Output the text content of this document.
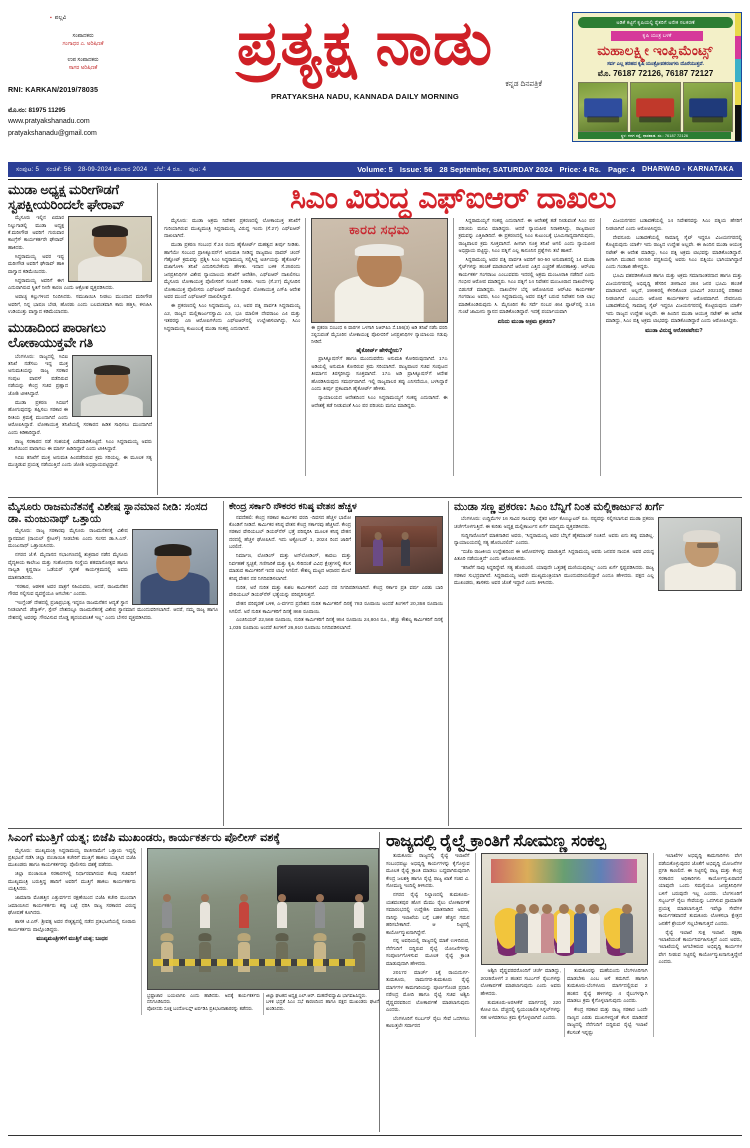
▪ ಪಲ್ಲವಿ
ಸಂಪಾದಕರು
ಗಂಗಾಧರ ಎ. ಅರಿಷಿಣಕೆ
ಉಪ ಸಂಪಾದಕರು
ಸಾಗರ ಅರಿಷಿಣಕೆ
RNI: KARKAN/2019/78035
ಮೊ.ನಂ: 81975 11295
www.pratyakshanadu.com
pratyakshanadu@gmail.com
ಪ್ರತ್ಯಕ್ಷ ನಾಡು
ಕನ್ನಡ ದಿನಪತ್ರಿಕೆ
PRATYAKSHA NADU, KANNADA DAILY MORNING
ಅಡಿಕೆ ಕಟ್ಟಿಗೆ ಕೃಷಿಯಲ್ಲಿ ರೈತರಿಗೆ ಅನೇಕ ಸಲಕರಣೆ
ಕೃಷಿ ಯಂತ್ರ ಬಳಕೆ
ಮಹಾಲಕ್ಷ್ಮೀ ಇಂಪ್ಲಿಮೆಂಟ್ಸ್
ಸರ್ವ ಎಲ್ಲ ತರಹದ ಕೃಷಿ ಯಂತ್ರೋಪಕರಣಗಳು ದೊರೆಯುತ್ತವೆ.
ಮೊ. 76187 72126, 76187 72127
ಸ್ಥಳ: ಗದಗ ರಸ್ತೆ, ಧಾರವಾಡ. ಸಂ.: 76187 72126
ಸಂಪುಟ: 5 ಸಂಚಿಕೆ: 56 28-09-2024 ಶನಿವಾರ 2024 ಬೆಲೆ: 4 ರೂ. ಪುಟ: 4	Volume: 5 Issue: 56 28 September, SATURDAY 2024 Price: 4 Rs. Page: 4 DHARWAD - KARNATAKA
ಮುಡಾ ಅಧ್ಯಕ್ಷ ಮರೀಗೌಡಗೆ ಸ್ವಪಕ್ಷೀಯರಿಂದಲೇ ಘೇರಾವ್

ಮೈಸೂರು ಇಲ್ಲಿನ ಏಮಾರ ನಿಲ್ಲುಗಾಡಲ್ಲಿ ಮುಡಾ ಅಧ್ಯಕ್ಷ ಕೆ.ಮರೀಗೌಡ ಅವರಿಗೆ ಗುರುವಾರ ಕಾಂಗ್ರೆಸ್ ಕಾರ್ಯಕರ್ತರೇ ಘೇರಾವ್ ಹಾಕಿದರು.

ಸಿದ್ದರಾಮಯ್ಯ ಅವರ ಇಷ್ಟ ಮರೀಗೌಡ ಅವರಿಗೆ ಘೇರಾವ್ ಹಾಕಿ ವಾಗ್ವಾದ ಕಡಿಮೆಯಿದರು.

ಸಿದ್ದರಾಮಯ್ಯ ಅವರಿಗೆ ಈಗ ಎದುರಾಗಿರುವ ಸ್ಥಿತಿಗೆ ನೀನೇ ಕಾರಣ ಎಂದು ಆಕ್ರೋಶ ವ್ಯಕ್ತಪಡಿಸಿದರು.

ಅವಾಚ್ಯ ಕಲ್ಲುಗಳಿಂದ ನಿಂದಿಸಿದರು. ಸಮಜಾಯಿಸಿ ನೀಡಲು ಮುಂದಾದ ಮರೀಗೌಡ ಅವರಿಗೆ, ನಿನ್ನ ಭಾಷಣ ಬೇಡ, ಹೊರಡು ಎಂದು ಬಲವಂತವಾಗಿ ಕಾರು ಹತ್ತಿಸಿ, ಕಳುಹಿಸಿ ಉಡಿಯುತ್ತು ವಾಗ್ವಾದ ಕಡಿಮೆಯಾದರು.

ಮುಡಾದಿಂದ ಪಾರಾಗಲು ಲೋಕಾಯುಕ್ತವೇ ಗತಿ

ಬೆಂಗಳೂರು: ರಾಜ್ಯದಲ್ಲಿ ಸಿಬಿಐ ತನಿಖೆ ನಡೆಸಲು ಇದ್ದ ಮುಕ್ತ ಅನುಮತಿಯನ್ನು ರಾಜ್ಯ ಸರಕಾರ ಸಂಪುಟ ವಾಪಸ್ ಪಡೆದಿರುವ ನಡೆಯನ್ನು ಕೇಂದ್ರ ಸಚಿವ ಪ್ರಹ್ಲಾದ ಜೋಶಿ ಟೀಕಿಸಿದ್ದಾರೆ.

ಮುಡಾ ಪ್ರಕರಣ ಸಿಬಿಐಗೆ ಹೋಗುವುದನ್ನು ತಪ್ಪಿಸಲು ಸರಕಾರ ಈ ರೀತಿಯ ಕ್ರಮಕ್ಕೆ ಮುಂದಾಗಿದೆ ಎಂದು ಆರೋಪಿಸಿದ್ದಾರೆ. ಲೋಕಾಯುಕ್ತ ತನಿಖೆಯಲ್ಲಿ ಸರಕಾರದ ಹಿಡಿತ ಸಾಧಿಸಲು ಮುಂದಾಗಿದೆ ಎಂದು ಕಿಡಿಕಾರಿದ್ದಾರೆ.

ರಾಜ್ಯ ಸರಕಾರದ ನಡೆ ಸಂಶಯಕ್ಕೆ ಎಡೆಮಾಡಿಕೊಟ್ಟಿದೆ. ಸಿಎಂ ಸಿದ್ದರಾಮಯ್ಯ ಅವರು ತನಿಖೆಯಿಂದ ಪಾರಾಗಲು ಈ ಮಾರ್ಗ ಹಿಡಿದಿದ್ದಾರೆ ಎಂದು ಟೀಕಿಸಿದ್ದಾರೆ.

ಸಿಬಿಐ ತನಿಖೆಗೆ ಮುಕ್ತ ಅನುಮತಿ ಹಿಂಪಡೆದಿರುವ ಕ್ರಮ ಸರಿಯಲ್ಲ. ಈ ಮೂಲಕ ಸತ್ಯ ಮುಚ್ಚಿಡುವ ಪ್ರಯತ್ನ ನಡೆಯುತ್ತಿದೆ ಎಂದು ಜೋಶಿ ಅಭಿಪ್ರಾಯಪಟ್ಟಿದ್ದಾರೆ.

ಸಿಎಂ ವಿರುದ್ಧ ಎಫ್‌ಐಆರ್ ದಾಖಲು

ಮೈಸೂರು: ಮುಡಾ ಅಕ್ರಮ ನಿವೇಶನ ಪ್ರಕರಣದಲ್ಲಿ ಲೋಕಾಯುಕ್ತ ತನಿಖೆಗೆ ಗುರಿಯಾಗಿರುವ ಮುಖ್ಯಮಂತ್ರಿ ಸಿದ್ದರಾಮಯ್ಯ ವಿರುದ್ಧ ಇಂದು (ಸೆ.27) ಎಫ್‌ಐಆರ್ ದಾಖಲಾಗಿದೆ.

ಮುಡಾ ಪ್ರಕರಣ ಸಂಬಂಧ ಸೆ.24 ರಂದು ಹೈಕೋರ್ಟ್ ಮಹತ್ವದ ತೀರ್ಪು ನೀಡಿತು. ಹಾಗೆಯೇ ಸಂಬಂಧ ಪ್ರಾಸಿಕ್ಯೂಷನ್‌ಗೆ ಅನುಮತಿ ನೀಡಿದ್ದ ರಾಜ್ಯಪಾಲ ಥಾವರ್ ಚಂದ್ ಗೆಹ್ಲೋಟ್ ಕ್ರಮವನ್ನು ಪ್ರಶ್ನಿಸಿ ಸಿಎಂ ಸಿದ್ದರಾಮಯ್ಯ ಸಲ್ಲಿಸಿದ್ದ ಅರ್ಜಿಯನ್ನು ಹೈಕೋರ್ಟ್ ವಜಾಗೊಳಿಸಿ ತನಿಖೆ ಎದುರಿಸಬೇಕೆಂದು ಹೇಳಿತು. ಇದಾದ ಬಳಿಕ ಸೆ.25ರಂದು ಜನಪ್ರತಿನಿಧಿಗಳ ವಿಶೇಷ ನ್ಯಾಯಾಲಯ ತನಿಖೆಗೆ ಆದೇಶಿಸಿ, ಎಫ್‌ಐಆರ್ ದಾಖಲಿಸಲು ಮೈಸೂರು ಲೋಕಾಯುಕ್ತ ಪೊಲೀಸರಿಗೆ ಸೂಚನೆ ನೀಡಿತು. ಇಂದು (ಸೆ.27) ಮೈಸೂರಿನ ಲೋಕಾಯುಕ್ತ ಪೊಲೀಸರು ಎಫ್‌ಐಆರ್ ದಾಖಲಿಸಿದ್ದಾರೆ. ಲೋಕಾಯುಕ್ತ ಎಸ್‌ಪಿ ಆದೇಶ ಅವರ ಮುಂದೆ ಎಫ್‌ಐಆರ್ ದಾಖಲಿಸಿದ್ದಾರೆ.

ಈ ಪ್ರಕರಣದಲ್ಲಿ ಸಿಎಂ ಸಿದ್ದರಾಮಯ್ಯ, ಎ1, ಅವರ ಪತ್ನಿ ಪಾರ್ವತಿ ಸಿದ್ದರಾಮಯ್ಯ ಎ2, ರಾಜ್ಯದ ಮಲ್ಲಿಕಾರ್ಜುನಸ್ವಾಮಿ ಎ3, ಭೂ ಮಾಲೀಕ ದೇವರಾಜು ಎ4 ಮತ್ತು ಇತರರನ್ನು ಎ5 ಆರೋಪಿಗಳೆಂದು ಎಫ್‌ಐಆರ್‌ನಲ್ಲಿ ಉಲ್ಲೇಖಿಸಲಾಗಿದ್ದು, ಸಿಎಂ ಸಿದ್ದರಾಮಯ್ಯ ಕುಟುಂಬಕ್ಕೆ ಮುಡಾ ಸಂಕಷ್ಟ ಎದುರಾಗಿದೆ.

ಕಾರದ ಸಧಮ
ಈ ಪ್ರಕರಣ ಸಂಬಂಧ 6 ವಾರಗಳ ಒಳಗಾಗಿ ಸಿಆರ್‌ಪಿಸಿ ಸೆ.156(3) ಅಡಿ ತನಿಖೆ ನಡೆಸಿ ವರದಿ ಸಲ್ಲಿಸುವಂತೆ ಮೈಸೂರಿನ ಲೋಕಾಯುಕ್ತ ಪೊಲೀಸರಿಗೆ ಜನಪ್ರತಿನಿಧಿಗಳ ನ್ಯಾಯಾಲಯ ಗಡುವು ನೀಡಿದೆ.
ಹೈಕೋರ್ಟ್ ಹೇಳಿದ್ದೇನು?

ಪ್ರಾಸಿಕ್ಯೂಷನ್‌ಗೆ ಹಾಗೂ ಮುಂದುವರೆದು ಅನುಮತಿ ಕೋರಿರುವುದಾಗಿದೆ. 17ಎ ಅಡಿಯಲ್ಲಿ ಅನುಮತಿ ಕೋರಿರುವ ಕ್ರಮ ಸರಿಯಾಗಿದೆ. ರಾಜ್ಯಪಾಲರ ಸಚಿವ ಸಂಪುಟದ ತೀರ್ಮಾನ ತಿರಸ್ಕರಿಸಿದ್ದು ಸೂಕ್ತವಾಗಿದೆ. 17ಎ ಅಡಿ ಪ್ರಾಸಿಕ್ಯೂಷನ್‌ಗೆ ಆದೇಶ ಹೊರಡಿಸಿರುವುದು ಸಮರ್ಥವಾಗಿದೆ. ಇಲ್ಲಿ ರಾಜ್ಯಪಾಲರ ತಪ್ಪು ಎನಿಸದೆಯೂ, ಬಳಸಿದ್ದಾರೆ ಎಂದು ತೀರ್ಪು ಪ್ರಕಟವಾಗಿ ಹೈಕೋರ್ಟ್ ಹೇಳಿತು.

ನ್ಯಾಯಾಲಯದ ಆದೇಶದಿಂದ ಸಿಎಂ ಸಿದ್ದರಾಮಯ್ಯಗೆ ಸಂಕಷ್ಟ ಎದುರಾಗಿದೆ. ಈ ಆದೇಶಕ್ಕೆ ತಡೆ ನೀಡುವಂತೆ ಸಿಎಂ ಪರ ಪರಿಚಯ ಮನವಿ ಮಾಡಿದ್ದರು.

ಸಿದ್ದರಾಮಯ್ಯಗೆ ಸಂಕಷ್ಟ ಎದುರಾಗಿದೆ. ಈ ಆದೇಶಕ್ಕೆ ತಡೆ ನೀಡುವಂತೆ ಸಿಎಂ ಪರ ಪರಿಚಯ ಮನವಿ ಮಾಡಿದ್ದರು. ಆದರೆ ನ್ಯಾಯಪೀಠ ನಿರಾಕರಿಸಿದ್ದು, ರಾಜ್ಯಪಾಲರ ಕ್ರಮವನ್ನು ಎತ್ತಿಹಿಡಿದಿದೆ. ಈ ಪ್ರಕರಣದಲ್ಲಿ ಸಿಎಂ ಕುಟುಂಬಕ್ಕೆ ಭೂಮಿಸಾಧ್ಯವಾಗಿರುವುದು, ರಾಜ್ಯಪಾಲರ ಕ್ರಮ ಸೂಕ್ತವಾಗಿದೆ. ಹೀಗಾಗಿ ಸೂಕ್ತ ತನಿಖೆ ಆಗಲಿ ಎಂದು ನ್ಯಾಯಪೀಠ ಅಭಿಪ್ರಾಯ ಪಟ್ಟಿದ್ದು, ಸಿಎಂ ಪತ್ನಿಗೆ ಎಲ್ಲ ಕಾನೂನಿನ ಪ್ರಶ್ನೆಗಳು ತಲೆ ಹಾಕಿದೆ.

ಸಿದ್ದರಾಮಯ್ಯ ಅವರ ಪತ್ನಿ ಪಾರ್ವತಿ ಅವರಿಗೆ 50-50 ಅನುಪಾತದಲ್ಲಿ 14 ಮುಡಾ ಸೈಟ್‌ಗಳನ್ನು ಹಂಚಿಕೆ ಮಾಡಲಾಗಿದೆ ಆರೋಪ ಎತ್ತಿದ ಎಚ್ಚರಿಕೆ ಹೊರಹಾಕಿತ್ತು. ಆರ್‌ಟಿಐ ಕಾರ್ಯಕರ್ತ ಗಂಗರಾಜು ಎಂಬುವವರು ಇದರಲ್ಲಿ ಅಕ್ರಮ ಮಂಜೂರಾತಿ ನಡೆದಿದೆ ಎಂದು ಗಂಭೀರ ಆರೋಪ ಮಾಡಿದ್ದರು. ಸಿಎಂ ಪತ್ನಿಗೆ 14 ನಿವೇಶನ ಮಂಜೂರಾದ ದಾಖಲೆಗಳನ್ನು ಬಿಡುಗಡೆ ಮಾಡಿದ್ದರು. ದಾಖಲೆಗಳ ಬೆನ್ನ ಆರೋಪಿಸುವ ಆರ್‌ಟಿಐ ಕಾರ್ಯಕರ್ತ ಗಂಗರಾಜು ಅವರು, ಸಿಎಂ ಸಿದ್ದರಾಮಯ್ಯ ಅವರ ಪತ್ನಿಗೆ ಬರುವ ನಿವೇಶನ ನೀಡಿ ಲಾಭ ಮಾಡಿಕೊಂಡಿರುವುದು ಸಿ. ಮೈಸೂರಿನ ಕೆಲ ಸರ್ವೆ ನಂಬರ 464 ಪ್ಲಾಟ್‌ನಲ್ಲಿ 3.16 ಗುಂಟೆ ಜಾಮೀನು ಸ್ಥಾನದ ಮಾಡಿಕೊಂಡಿದ್ದಾರೆ. ಇದಕ್ಕೆ ಪರ್ಯಾಯವಾಗಿ

ಏನಿದು ಮುಡಾ ಅಕ್ರಮ ಪ್ರಕರಣ?

ವಿಜಯನಗರದ ಬಡಾವಣೆಯಲ್ಲಿ 14 ನಿವೇಶನವನ್ನು ಸಿಎಂ ಪತ್ನಿಯ ಹೆಸರಿಗೆ ನೀಡಲಾಗಿದೆ ಎಂದು ಆರೋಪಿಸಿದ್ದರು.

ದೇವನೂರು ಬಡಾವಣೆಯಲ್ಲಿ ಸಾಮಾನ್ಯ ಸೈಟ್ ಇದ್ದರೂ ವಿಜಯನಗರದಲ್ಲಿ ಕೊಟ್ಟಿರುವುದು ಯಾಕೆ? ಇದು ರಾಜ್ಯದ ಉದ್ದೇಶ ಅಲ್ಲವೇ. ಈ ಹಿಂದಿನ ಮುಡಾ ಆಯುಕ್ತ ನಟೇಶ್ ಈ ಆದೇಶ ಮಾಡಿದ್ದು, ಸಿಎಂ ಪತ್ನಿ ಅಕ್ರಮ ಲಾಭವನ್ನು ಮಾಡಿಕೊಂಡಿದ್ದಾರೆ. ಹೀಗಾಗಿ ಮುಡಾದ 50:50 ಪದ್ಧತಿಯಲ್ಲಿ ಅವರು ಸಿಎಂ ಪತ್ನಿಯು ಭಾಗಿಯಾಗಿದ್ದಾರೆ ಎಂದು ಗಂಡಾಖಿ ಹೇಳಿದ್ದರು.

ಭೂಮಿ ವಶಪಡಿಸಿಕೊಂಡ ಹಾಗೂ ಮತ್ತು ಅಕ್ರಮ ಸಮಾನಾಂತರದಾದ ಹಾಗೂ ಮತ್ತು ವಿಜಯನಗರದಲ್ಲಿ ಅಭಿವೃದ್ಧಿ ಹೆಸರಿನ 38ಸಾವಿರ 284 ಜನರ ಭೂಮಿ ಹಂಚಿಕೆ ಮಾಡಲಾಗಿದೆ. ಅಲ್ಲದೆ, 1998ರಲ್ಲಿ ಕೆಳದಿಕೊಂಡ ಭೂಮಿಗೆ 2021ರಲ್ಲಿ ಪರಿಹಾರ ನೀಡಲಾಗಿದೆ ಎಂಬುದು ಆರೋಪ ಕಾರ್ಯಕರ್ತರ ಆರೋಪವಾಗಿದೆ. ದೇವನೂರು ಬಡಾವಣೆಯಲ್ಲಿ ಸಾಮಾನ್ಯ ಸೈಟ್ ಇದ್ದರೂ ವಿಜಯನಗರದಲ್ಲಿ ಕೊಟ್ಟಿರುವುದು ಯಾಕೆ? ಇದು ರಾಜ್ಯದ ಉದ್ದೇಶ ಅಲ್ಲವೇ. ಈ ಹಿಂದಿನ ಮುಡಾ ಆಯುಕ್ತ ನಟೇಶ್ ಈ ಆದೇಶ ಮಾಡಿದ್ದು, ಸಿಎಂ ಪತ್ನಿ ಅಕ್ರಮ ಲಾಭವನ್ನು ಮಾಡಿಕೊಂಡಿದ್ದಾರೆ ಎಂದು ಆರೋಪಿಸಿದ್ದರು.

ಮುಡಾ ವಿರುದ್ಧ ಆರೋಪವೇನು?
ಮೈಸೂರು ರಾಜಮನೆತನಕ್ಕೆ ವಿಶೇಷ ಸ್ಥಾನಮಾನ ನೀಡಿ: ಸಂಸದ ಡಾ. ಮಂಜುನಾಥ್ ಒತ್ತಾಯ

ಮೈಸೂರು: ರಾಜ್ಯ ಸರಕಾರವು ಮೈಸೂರು ರಾಜಮನೆತನಕ್ಕೆ ವಿಶೇಷ ಸ್ಥಾನಮಾನ (ರಾಯಲ್ ಸ್ಟೇಟಸ್) ನೀಡಬೇಕು ಎಂದು ಸಂಸದ ಡಾ.ಸಿ.ಎನ್. ಮಂಜುನಾಥ್ ಒತ್ತಾಯಿಸಿದರು.

ನಗರದ ಜೆ.ಕೆ. ಮೈದಾನದ ಸಭಾಂಗಣದಲ್ಲಿ ಶುಕ್ರವಾರ ನಡೆದ ಮೈಸೂರು ವೈದ್ಯಕೀಯ ಕಾಲೇಜು ಮತ್ತು ಸಂಶೋಧನಾ ಸಂಸ್ಥೆಯ ಶತಮಾನೋತ್ಸವ ಹಾಗೂ ನಾಲ್ವಡಿ ಕೃಷ್ಣರಾಜ ಒಡೆಯರ್ ಸ್ಮರಣೆ ಕಾರ್ಯಕ್ರಮದಲ್ಲಿ ಅವರು ಮಾತನಾಡಿದರು.

"ಸರಕಾರ, ಆಡಳಿತ ಅವರ ಪಾತ್ರಗೆ ಸಹಿಯವರು, ಆದರೆ, ರಾಜಮನೆತನ ಗೌರವ ಸಲ್ಲಿಸುವ ವ್ಯವಸ್ಥೆಯೂ ಆಗಬೇಕು" ಎಂದರು.

"ಇಂಗ್ಲೆಂಡ್ ದೇಶದಲ್ಲಿ ಪ್ರಜಾಪ್ರಭುತ್ವ ಇದ್ದರೂ ರಾಜಮನೆತನ ಆದ್ಯತೆ ಸ್ಥಾನ ನೀಡಲಾಗಿದೆ. ಡೆನ್ಮಾರ್ಕ್, ಸ್ಪೇನ್ ದೇಶದಲ್ಲೂ ರಾಜಮನೆತನಕ್ಕೆ ವಿಶೇಷ ಸ್ಥಾನಮಾನ ಮುಂದುವರಿಸಲಾಗಿದೆ. ಆದರೆ, ನಮ್ಮ ರಾಜ್ಯ ಹಾಗೂ ದೇಶದಲ್ಲಿ ಅವರನ್ನು ಗೌರವಿಸುವ ದೊಡ್ಡ ಹೃದಯವಂತಿಕೆ ಇಲ್ಲ" ಎಂದು ಬೇಸರ ವ್ಯಕ್ತಪಡಿಸಿದರು.

ಕೇಂದ್ರ ಸರ್ಕಾರಿ ನೌಕರರ ಕನಿಷ್ಠ ವೇತನ ಹೆಚ್ಚಳ

ನವದೆಹಲಿ: ಕೇಂದ್ರ ಸರಕಾರ ಕಾರ್ಮಿಕರ ವರದಿ -ದಿವಸದ ಹೆಚ್ಚಳ ಭಾರೋ ಕೊಂಡಿಗೆ ನೀಡಿದೆ. ಕಾರ್ಮಿಕರ ಕನಿಷ್ಠ ವೇತನ ಕೇಂದ್ರ ಸರ್ಕಾರವು ಹೆಚ್ಚಿಸಿದೆ. ಕೇಂದ್ರ ಸರಕಾರ ವೇರಿಯಬಲ್ ಡಿಯರ್‌ನೆಸ್ ಭತ್ತೆ ಪರಿಷ್ಕರಿಸಿ ಮೂಲಕ ಕನಿಷ್ಠ ವೇತನ ದರದಲ್ಲಿ ಹೆಚ್ಚಳ ಘೋಷಿಸಿದೆ. ಇದು ಅಕ್ಟೋಬರ್ 1, 2024 ರಿಂದ ಜಾರಿಗೆ ಬರಲಿದೆ.

ನಿರ್ಮಾಣ, ಲೋಡಿಂಗ್ ಮತ್ತು ಅನ್‌ಲೋಡಿಂಗ್, ಕಾವಲು ಮತ್ತು ನಿರ್ವಹಣೆ ಸ್ವಚ್ಛತೆ, ಗಣಿಗಾರಿಕೆ ಮತ್ತು ಕೃಷಿ ಸೇರಿದಂತೆ ವಿವಿಧ ಕ್ಷೇತ್ರಗಳಲ್ಲಿ ಕೆಲಸ ಮಾಡುವ ಕಾರ್ಮಿಕರಿಗೆ ಇದರ ಲಾಭ ಸಿಗಲಿದೆ. ಕೌಶಲ್ಯ ಮಟ್ಟದ ಆಧಾರದ ಮೇಲೆ ಕನಿಷ್ಠ ವೇತನ ದರ ನಿಗದಿಪಡಿಸಲಾಗಿದೆ.

ನುರಿತ, ಅರೆ ನುರಿತ ಮತ್ತು ಕುಶಲ ಕಾರ್ಮಿಕರಿಗೆ ವಿವಿಧ ದರ ನಿಗದಿಪಡಿಸಲಾಗಿದೆ. ಕೇಂದ್ರ ಸರ್ಕಾರ ಪ್ರತಿ ವರ್ಷ ಎರಡು ಬಾರಿ ವೇರಿಯಬಲ್ ಡಿಯರ್‌ನೆಸ್ ಭತ್ಯೆಯನ್ನು ಪರಿಷ್ಕರಿಸುತ್ತದೆ.

ವೇತನ ಪರಿಷ್ಕರಣೆ ಬಳಿಕ, ಎ-ವರ್ಗದ ಪ್ರದೇಶದ ನುರಿತ ಕಾರ್ಮಿಕರಿಗೆ ದಿನಕ್ಕೆ 783 ರೂಪಾಯಿ ಅಂದರೆ ತಿಂಗಳಿಗೆ 20,358 ರೂಪಾಯಿ ಸಿಗಲಿದೆ. ಅರೆ ನುರಿತ ಕಾರ್ಮಿಕರಿಗೆ ದಿನಕ್ಕೆ 868 ರೂಪಾಯಿ.

ಎಂಜಿನಿಯರ್ 22,568 ರೂಪಾಯಿ, ನುರಿತ ಕಾರ್ಮಿಕರಿಗೆ ದಿನಕ್ಕೆ 954 ರೂಪಾಯಿ 24,804 ರೂ., ಹೆಚ್ಚು ಕೌಶಲ್ಯ ಕಾರ್ಮಿಕರಿಗೆ ದಿನಕ್ಕೆ 1,035 ರೂಪಾಯಿ ಅಂದರೆ ತಿಂಗಳಿಗೆ 26,910 ರೂಪಾಯಿ ನಿಗದಿಪಡಿಸಲಾಗಿದೆ.

ಮುಡಾ ಸಣ್ಣ ಪ್ರಕರಣ: ಸಿಎಂ ಬೆನ್ನಿಗೆ ನಿಂತ ಮಲ್ಲಿಕಾರ್ಜುನ ಖರ್ಗೆ

ಬೆಂಗಳೂರು: ಉದ್ದಿಮೆಗಳ 16 ಸಾವಿರ ಸಾಲವನ್ನು ರೈತರ ಆರ್ಥ ಕೊಂಬ್ಯುಟರ್ ರೂ. ನಷ್ಟವನ್ನು ಸಲ್ಲಿಸಲಾಗುವ ಮುಡಾ ಪ್ರಕರಣ ಚರ್ಚೆಗೊಳಗುತ್ತಿದೆ. ಈ ಕುರಿತು ಅಧ್ಯಕ್ಷ ಮಲ್ಲಿಕಾರ್ಜುನ ಖರ್ಗೆ ಮಾಧ್ಯಮ ವ್ಯಕ್ತಪಡಿಸಿದರು.

ಸುದ್ದಿಗಾರೊಂದಿಗೆ ಮಾತನಾಡಿದ ಅವರು, "ಸಿದ್ದರಾಮಯ್ಯ ಅವರ ಬೆನ್ನಿಗೆ ಹೈಕಮಾಂಡ್ ನಿಂತಿದೆ. ಅವರು ಏನು ತಪ್ಪು ಮಾಡಿಲ್ಲ. ನ್ಯಾಯಾಲಯದಲ್ಲಿ ಸತ್ಯ ಹೊರಬರಲಿದೆ" ಎಂದರು.

"ಬಿಜೆಪಿ ರಾಜಕೀಯ ಉದ್ದೇಶದಿಂದ ಈ ಆರೋಪಗಳನ್ನು ಮಾಡುತ್ತಿದೆ. ಸಿದ್ದರಾಮಯ್ಯ ಅವರು ಜನಪರ ನಾಯಕ. ಅವರ ವಿರುದ್ಧ ಪಿತೂರಿ ನಡೆಯುತ್ತಿದೆ" ಎಂದು ಆರೋಪಿಸಿದರು.

"ತನಿಖೆಗೆ ನಾವು ಸಿದ್ಧರಿದ್ದೇವೆ. ಸತ್ಯ ಹೊರಬರಲಿ. ಯಾವುದೇ ಒತ್ತಡಕ್ಕೆ ಮಣಿಯುವುದಿಲ್ಲ" ಎಂದು ಖರ್ಗೆ ಸ್ಪಷ್ಟಪಡಿಸಿದರು. ರಾಜ್ಯ ಸರಕಾರ ಸುಭದ್ರವಾಗಿದೆ. ಸಿದ್ದರಾಮಯ್ಯ ಅವರೇ ಮುಖ್ಯಮಂತ್ರಿಯಾಗಿ ಮುಂದುವರಿಯಲಿದ್ದಾರೆ ಎಂದೂ ಹೇಳಿದರು. ಪಕ್ಷದ ಎಲ್ಲ ಮುಖಂಡರು, ಶಾಸಕರು ಅವರ ಜೊತೆ ಇದ್ದಾರೆ ಎಂದು ತಿಳಿಸಿದರು.

ಸಿಎಂಗೆ ಮುತ್ತಿಗೆ ಯತ್ನ; ಬಿಜೆಪಿ ಮುಖಂಡರು, ಕಾರ್ಯಕರ್ತರು ಪೊಲೀಸ್ ವಶಕ್ಕೆ

ಮೈಸೂರು: ಮುಖ್ಯಮಂತ್ರಿ ಸಿದ್ದರಾಮಯ್ಯ ರಾಜೀನಾಮೆಗೆ ಒತ್ತಾಯ ಇದ್ದಲ್ಲಿ ಪ್ರತಿಭಟನೆ ನಡೆಸಿ ಜಿಲ್ಲಾ ಪಂಚಾಯಿತಿ ಕಚೇರಿಗೆ ಮುತ್ತಿಗೆ ಹಾಕಲು ಯತ್ನಿಸಿದ ಬಿಜೆಪಿ ಮುಖಂಡರು ಹಾಗೂ ಕಾರ್ಯಕರ್ತರನ್ನು ಪೊಲೀಸರು ವಶಕ್ಕೆ ಪಡೆದರು.

ಜಿಲ್ಲಾ ಪಂಚಾಯಿತಿ ಸರಕಾರಗಳಲ್ಲಿ ನಿರ್ಧಾರವಾಗಿರುವ ಕೆಲವು ಸಚಿವರಿಗೆ ಮುಖ್ಯಮಂತ್ರಿ ಬರುತ್ತಿದ್ದ ಹಾದಿಗೆ ಅವರಿಗೆ ಮುತ್ತಿಗೆ ಹಾಕಲು ಕಾರ್ಯಕರ್ತರು ಯತ್ನಿಸಿದರು.

ಜಾಮಾನಾ ಮೊಹತ್ತಿನ ಎತ್ತುವರ್ಗದ ರಕ್ಷಣೆಯಿಂದ ಬಿಜೆಪಿ ಕಚೇರಿ ಮುಂದಾಗಿ ಜಮಾಯಿಸಿದ ಕಾರ್ಯಕರ್ತರು ಕಪ್ಪು ಬಟ್ಟೆ ಧರಿಸಿ ರಾಜ್ಯ ಸರಕಾರದ ವಿರುದ್ಧ ಘೋಷಣೆ ಕೂಗಿದರು.

ಶಾಸಕ ಟಿ.ಎಸ್. ಶ್ರೀವತ್ಸ ಅವರ ನೇತೃತ್ವದಲ್ಲಿ ನಡೆದ ಪ್ರತಿಭಟನೆಯಲ್ಲಿ ನೂರಾರು ಕಾರ್ಯಕರ್ತರು ಪಾಲ್ಗೊಂಡಿದ್ದರು.

ಮುಖ್ಯಮಂತ್ರಿಗಳಿಗೆ ಮುತ್ತಿಗೆ ಯತ್ನ; ಬಂಧನ

ಭ್ರಷ್ಟಾಚಾರ ಬಯಲಾಗಲಿ ಎಂದು ಹಾಡಿದರು. ಅದಕ್ಕೆ ಕಾರ್ಯಕರ್ತರು ದನಿಗೂಡಿಸಿದರು.

ಪೊಲೀಸರು ಸೂಕ್ತ ಬಂದೋಬಸ್ತ್ ಏರ್ಪಡಿಸಿ ಪ್ರತಿಭಟನಾಕಾರರನ್ನು ತಡೆದರು.

ಜಿಲ್ಲಾ ಘಟಕದ ಅಧ್ಯಕ್ಷ ಎಲ್.ಆರ್. ಮಹದೇವಸ್ವಾಮಿ ಭಾಗವಹಿಸಿದ್ದರು.

ಬಳಿಕ ಭದ್ರತೆ ಸಿಎಂ ಸಭೆ ಕಾರಣದಿಂದ ಹಾಗೂ ಪಕ್ಷದ ಮುಖಂಡರು ಘಟನೆ ಖಂಡಿಸಿದರು.

ರಾಜ್ಯದಲ್ಲಿ ರೈಲ್ವೆ ಕ್ರಾಂತಿಗೆ ಸೋಮಣ್ಣ ಸಂಕಲ್ಪ

ತುಮಕೂರು: ರಾಜ್ಯದಲ್ಲಿ ರೈಲ್ವೆ ಇಲಾಖೆಗೆ ಸಂಬಂಧಪಟ್ಟು ಅಭಿವೃದ್ಧಿ ಕಾರ್ಯಗಳನ್ನು ಕೈಗೊಳ್ಳುವ ಮೂಲಕ ರೈಲ್ವೆ ಕ್ರಾಂತಿ ಮಾಡಲು ಬದ್ಧವಾಗಿರುವುದಾಗಿ ಕೇಂದ್ರ ಜಲಶಕ್ತಿ ಹಾಗೂ ರೈಲ್ವೆ ರಾಜ್ಯ ಖಾತೆ ಸಚಿವ ವಿ. ಸೋಮಣ್ಣ ಇಂದಿಲ್ಲಿ ತಿಳಿಸಿದರು.

ನಗರದ ರೈಲ್ವೆ ನಿಲ್ದಾಣದಲ್ಲಿ ತುಮಕೂರು-ಯಶವಂತಪುರ ಹೊಸ ಮೆಮು ರೈಲು ಲೋಕಾರ್ಪಣೆ ಸಮಾರಂಭದಲ್ಲಿ ಉದ್ದೇಶಿಸಿ ಮಾತನಾಡಿದ ಅವರು, ನಾನಿನ್ನು ಇಲಾಖೆಯ ಬಗ್ಗೆ ಬಹಳ ಹೆಚ್ಚಿನ ಗಮನ ಹರಿಸಬೇಕಾಗಿದೆ. ಆ ನಿಟ್ಟಿನಲ್ಲಿ ಕಾರ್ಯೋನ್ಮುಖನಾಗಿದ್ದೇನೆ.

ನನ್ನ ಅವಧಿಯಲ್ಲಿ ರಾಜ್ಯದಲ್ಲಿ ಮಾತೆ ಉಳಿದಿರುವ, ನೆನೆಗುದಿಗೆ ಬಿದ್ದಿರುವ ರೈಲ್ವೆ ಯೋಜನೆಗಳನ್ನು ಸಂಪೂರ್ಣಗೊಳಿಸುವ ಮೂಲಕ ರೈಲ್ವೆ ಕ್ರಾಂತಿ ಮಾಡುವುದಾಗಿ ಹೇಳಿದರು.

2017ರ ಮಾರ್ಚ್ 1ಕ್ಕೆ ರಾಯದುರ್ಗ-ತುಮಕೂರು, ರಾಮನಗರ-ತುಮಕೂರು ರೈಲ್ವೆ ಮಾರ್ಗಗಳ ಕಾಮಗಾರಿಯನ್ನು ಪೂರ್ಣಗೊಂಡ ಪ್ರಧಾನಿ ನರೇಂದ್ರ ಮೋದಿ ಹಾಗೂ ರೈಲ್ವೆ ಸಚಿವ ಅಶ್ವಿನಿ ವೈಷ್ಣವರವರಿಂದ ಲೋಕಾರ್ಪಣೆ ಮಾಡಲಾಗುವುದು ಎಂದರು.

ಬೆಂಗಳೂರಿಗೆ ಸಬರ್ಬನ್ ರೈಲು ಸೇವೆ ಒದಗಿಸಲು ಕಾಣುತ್ತಲೇ ಸರ್ವಾರದ

ಅಶ್ವಿನಿ ವೈಷ್ಣವರವರೊಂದಿಗೆ ಚರ್ಚೆ ಮಾಡಿದ್ದು, 2025ರೊಳಗೆ 2 ಹಂತದ ಸಬರ್ಬನ್ ರೈಲುಗಳನ್ನು ಲೋಕಾರ್ಪಣೆ ಮಾಡಲಾಗುವುದು ಎಂದು ಅವರು ಹೇಳಿದರು.

ತುಮಕೂರು-ಅರಸೀಕೆರೆ ಮಾರ್ಗದಲ್ಲಿ 220 ಕೋಟಿ ರೂ. ವೆಚ್ಚದಲ್ಲಿ ಸ್ವಯಂಚಾಲಿತ ಸಿಗ್ನಲ್‌ಗಳನ್ನು ಸಹ ಅಳವಡಿಸಲು ಕ್ರಮ ಕೈಗೊಳ್ಳಲಾಗಿದೆ ಎಂದರು.

ತುಮಕೂರನ್ನು ಮಹೆಯಂದು ಬೆಂಗಳೂರಿಗಾಗಿ ಮಾಡಬೇಕು ಎಂಬ ಆಸೆ ತಮಗಿದೆ. ಹಾಗಾಗಿ ತುಮಕೂರು-ಬೆಂಗಳೂರು ಮಾರ್ಗದಲ್ಲಿರುವ 2 ಹಂತದ ರೈಲ್ವೆ ಹಳಿಗಳನ್ನು 4 ರೈಲುಗಳನ್ನಾಗಿ ಮಾಡಲು ಕ್ರಮ ಕೈಗೊಳ್ಳಲಾಗುವುದು ಎಂದರು.

ಕೇಂದ್ರ ಸರಕಾರ ಮತ್ತು ರಾಜ್ಯ ಸರಕಾರ ಒಂದೇ ನಾಣ್ಯದ ಎರಡು ಮುಖಗಳಿದ್ದಂತೆ ಕೆಲಸ ಮಾಡಿದರೆ ರಾಜ್ಯದಲ್ಲಿ ನೆನೆಗುದಿಗೆ ಬಿದ್ದಿರುವ ರೈಲ್ವೆ ಇಲಾಖೆ ಕೆಲಸಂತೆ ಇನ್ನಷ್ಟು

ಇಲಾಖೆಗಳ ಅಭಿವೃದ್ಧಿ ಕಾಮಗಾರಿಗಳು ವೇಗ ಪಡೆಯಕೊಳ್ಳುವುದರ ಜೊತೆಗೆ ಅಭಿವೃದ್ಧಿ ಯೋಜನೆಗಳ ಪ್ರಗತಿ ಕಾಣಲಿದೆ. ಈ ನಿಟ್ಟಿನಲ್ಲಿ ರಾಜ್ಯ ಮತ್ತು ಕೇಂದ್ರ ಸರಕಾರದ ಅಧಿಕಾರಿಗಳು ಕಾರ್ಯೋನ್ಮುಖರಾದರೆ ಯಾವುದೇ ಒಂದು ಸಮಸ್ಯೆಯೂ ಜನಪ್ರತಿನಿಧಿಗಳ ಬಳಿಗೆ ಬರುವುದೇ ಇಲ್ಲ ಎಂದರು. ಬೆಂಗಳೂರಿಗೆ ಸಬ್ಬರ್ಬನ್ ರೈಲು ಸೇವೆಯನ್ನು ಒದಗಿಸುವ ಪ್ರಾಮಾಣಿಕ ಪ್ರಯತ್ನ ಮಾಡಲಾಗುತ್ತಿದೆ. ಇವೆಲ್ಲಾ ಸೇವೆಗಳ ಕಾರ್ಯಗತವಾದರೆ ತುಮಕೂರು ಲೋಕಸಭಾ ಕ್ಷೇತ್ರದ ಜನತೆಗೆ ಶ್ರೇಯಸ್ ಸಲ್ಲಬೇಕಾಗುತ್ತದೆ ಎಂದರು.

ರೈಲ್ವೆ ಇಲಾಖೆ ಸುಕ್ಷ ಇಲಾಖೆ. ರಕ್ಷಣಾ ಇಲಾಖೆಯಂತೆ ಕಾರ್ಯನಿರ್ವಹಿಸುತ್ತಿದೆ ಎಂದ ಅವರು, ಇಲಾಖೆಯಲ್ಲಿ ಆಗಬೇಕಿರುವ ಅಭಿವೃದ್ಧಿ ಕಾರ್ಯಗಳ ವೇಗ ನೀಡುವ ನಿಟ್ಟಿನಲ್ಲಿ ಕಾರ್ಯೋನ್ಮುಖನಾಗುತ್ತಿದ್ದೇನೆ ಎಂದರು.
